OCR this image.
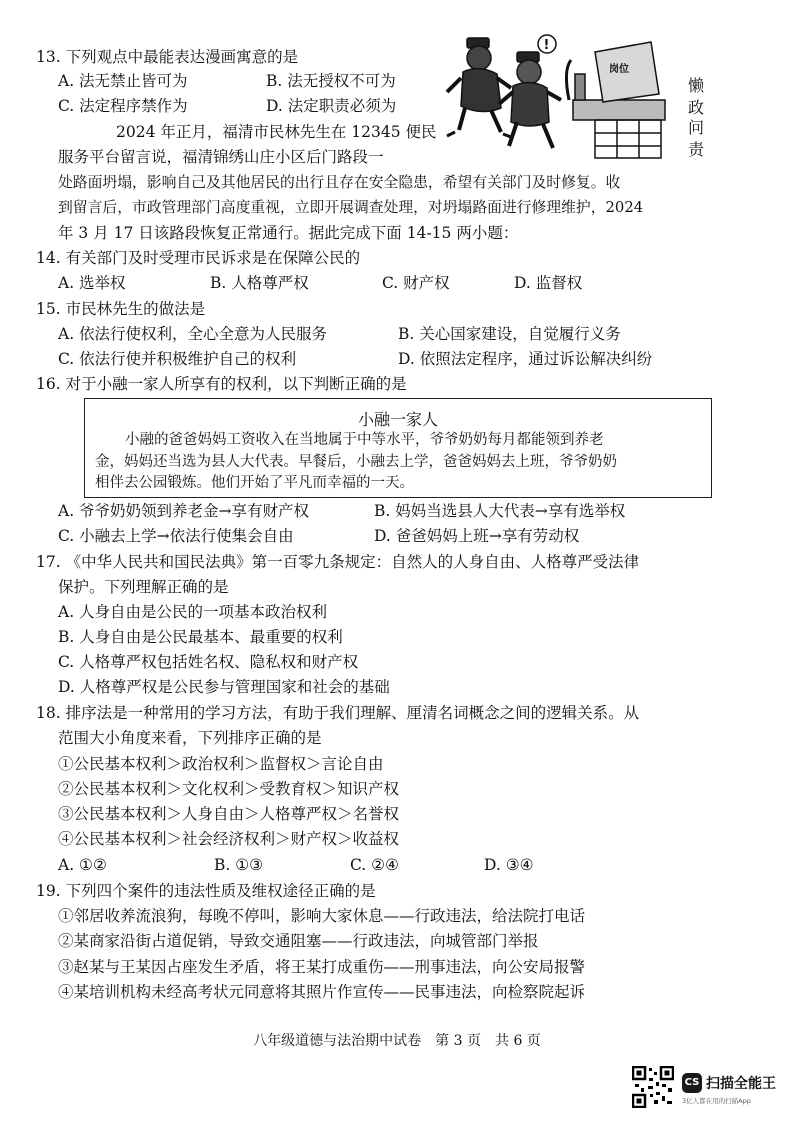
13. 下列观点中最能表达漫画寓意的是
A. 法无禁止皆可为	B. 法无授权不可为
C. 法定程序禁作为	D. 法定职责必须为
!
岗位
懒
政
问
责
2024 年正月，福清市民林先生在 12345 便民
服务平台留言说，福清锦绣山庄小区后门路段一
处路面坍塌，影响自己及其他居民的出行且存在安全隐患，希望有关部门及时修复。收
到留言后，市政管理部门高度重视，立即开展调查处理，对坍塌路面进行修理维护，2024
年 3 月 17 日该路段恢复正常通行。据此完成下面 14-15 两小题：
14. 有关部门及时受理市民诉求是在保障公民的
A. 选举权	B. 人格尊严权	C. 财产权	D. 监督权
15. 市民林先生的做法是
A. 依法行使权利，全心全意为人民服务	B. 关心国家建设，自觉履行义务
C. 依法行使并积极维护自己的权利	D. 依照法定程序，通过诉讼解决纠纷
16. 对于小融一家人所享有的权利，以下判断正确的是
小融一家人
小融的爸爸妈妈工资收入在当地属于中等水平，爷爷奶奶每月都能领到养老
金，妈妈还当选为县人大代表。早餐后，小融去上学，爸爸妈妈去上班，爷爷奶奶
相伴去公园锻炼。他们开始了平凡而幸福的一天。
A. 爷爷奶奶领到养老金→享有财产权	B. 妈妈当选县人大代表→享有选举权
C. 小融去上学→依法行使集会自由	D. 爸爸妈妈上班→享有劳动权
17. 《中华人民共和国民法典》第一百零九条规定：自然人的人身自由、人格尊严受法律
保护。下列理解正确的是
A. 人身自由是公民的一项基本政治权利
B. 人身自由是公民最基本、最重要的权利
C. 人格尊严权包括姓名权、隐私权和财产权
D. 人格尊严权是公民参与管理国家和社会的基础
18. 排序法是一种常用的学习方法，有助于我们理解、厘清名词概念之间的逻辑关系。从
范围大小角度来看，下列排序正确的是
①公民基本权利＞政治权利＞监督权＞言论自由
②公民基本权利＞文化权利＞受教育权＞知识产权
③公民基本权利＞人身自由＞人格尊严权＞名誉权
④公民基本权利＞社会经济权利＞财产权＞收益权
A. ①②	B. ①③	C. ②④	D. ③④
19. 下列四个案件的违法性质及维权途径正确的是
①邻居收养流浪狗，每晚不停叫，影响大家休息——行政违法，给法院打电话
②某商家沿街占道促销，导致交通阻塞——行政违法，向城管部门举报
③赵某与王某因占座发生矛盾，将王某打成重伤——刑事违法，向公安局报警
④某培训机构未经高考状元同意将其照片作宣传——民事违法，向检察院起诉
八年级道德与法治期中试卷　第 3 页　共 6 页
CS 扫描全能王
3亿人都在用的扫描App
